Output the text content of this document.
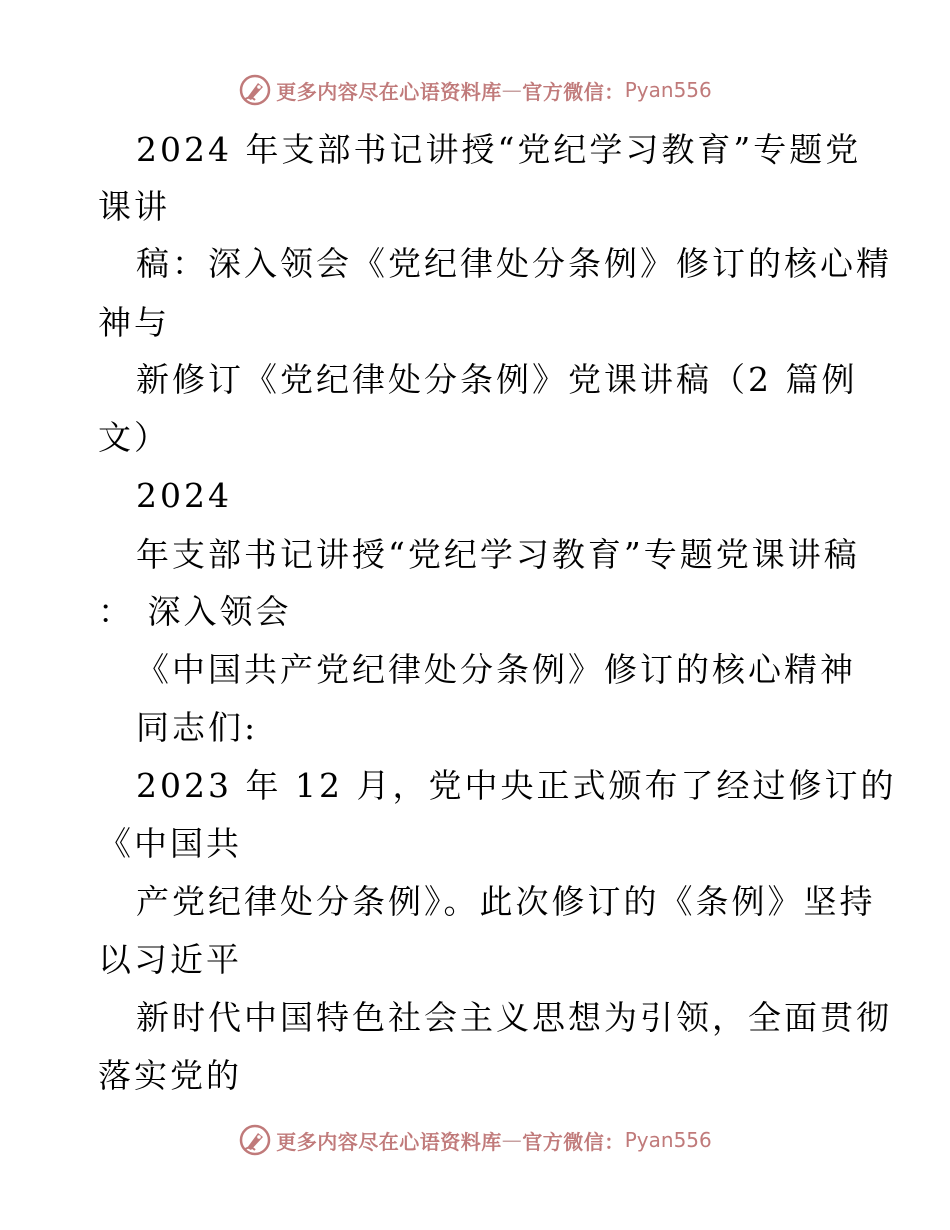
更多内容尽在心语资料库 — 官方微信： Pyan556
2024 年支部书记讲授“党纪学习教育”专题党
课讲
稿：深入领会《党纪律处分条例》修订的核心精
神与
新修订《党纪律处分条例》党课讲稿（2 篇例
文）
2024
年支部书记讲授“党纪学习教育”专题党课讲稿
： 深入领会
《中国共产党纪律处分条例》修订的核心精神
同志们:
2023 年 12 月，党中央正式颁布了经过修订的
《中国共
产党纪律处分条例》。此次修订的《条例》坚持
以习近平
新时代中国特色社会主义思想为引领，全面贯彻
落实党的
更多内容尽在心语资料库 — 官方微信： Pyan556
